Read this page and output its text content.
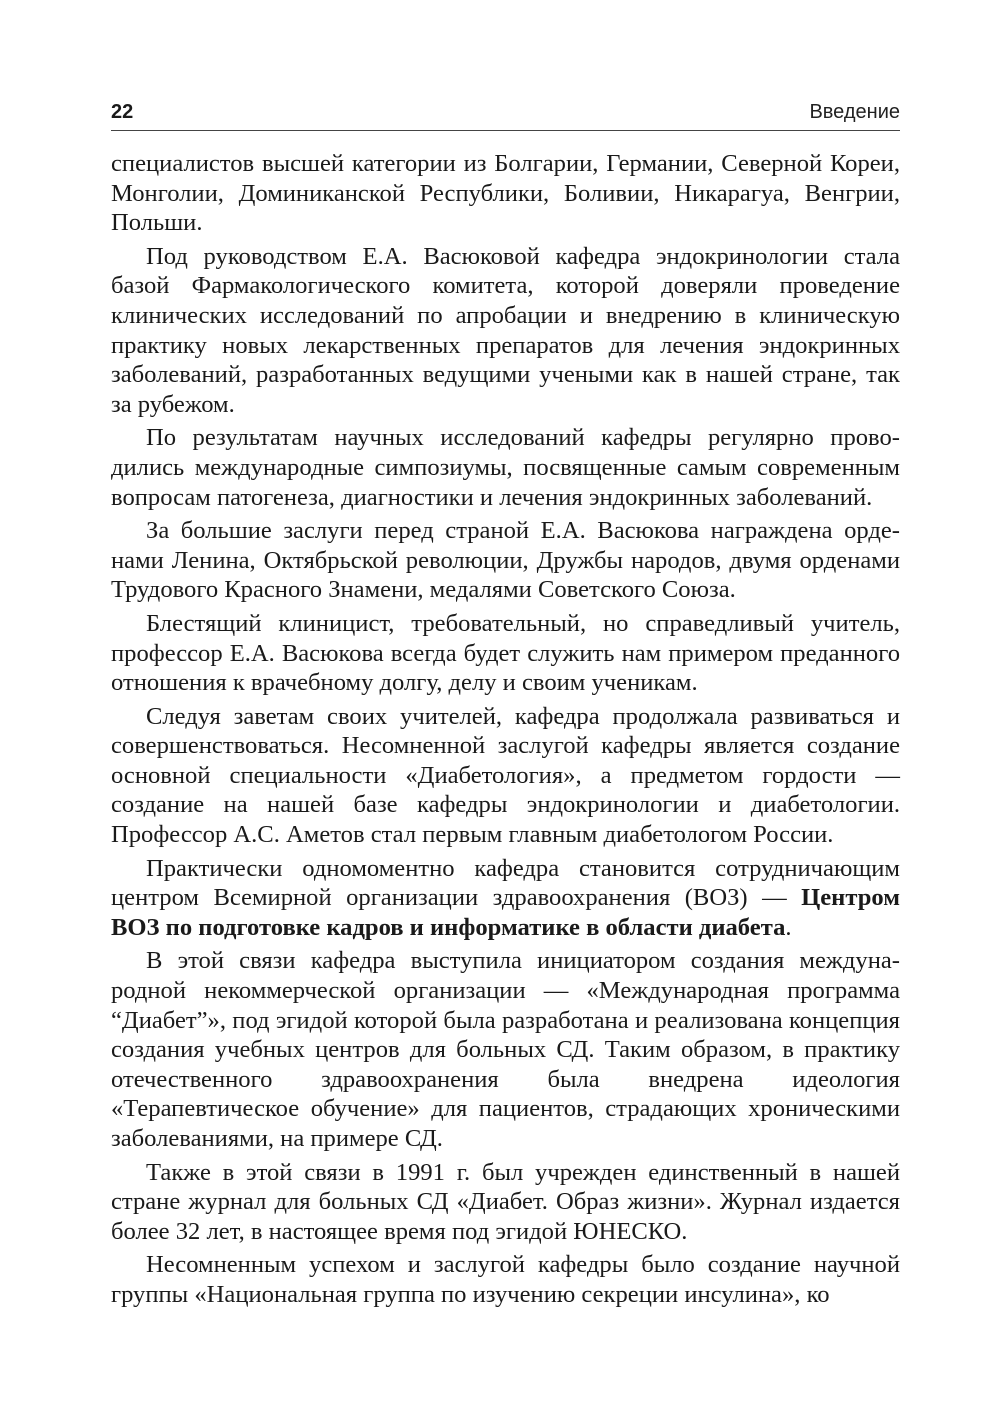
22	Введение

специалистов высшей категории из Болгарии, Германии, Северной Кореи, Монголии, Доминиканской Республики, Боливии, Никарагуа, Венгрии, Польши.

Под руководством Е.А. Васюковой кафедра эндокринологии стала базой Фармакологического комитета, которой доверяли проведение клинических исследований по апробации и внедрению в клиническую практику новых лекарственных препаратов для лечения эндокринных заболеваний, разработанных ведущими учеными как в нашей стране, так за рубежом.

По результатам научных исследований кафедры регулярно проводились международные симпозиумы, посвященные самым современным вопросам патогенеза, диагностики и лечения эндокринных заболеваний.

За большие заслуги перед страной Е.А. Васюкова награждена орденами Ленина, Октябрьской революции, Дружбы народов, двумя орденами Трудового Красного Знамени, медалями Советского Союза.

Блестящий клиницист, требовательный, но справедливый учитель, профессор Е.А. Васюкова всегда будет служить нам примером преданного отношения к врачебному долгу, делу и своим ученикам.

Следуя заветам своих учителей, кафедра продолжала развиваться и совершенствоваться. Несомненной заслугой кафедры является создание основной специальности «Диабетология», а предметом гордости — создание на нашей базе кафедры эндокринологии и диабетологии. Профессор А.С. Аметов стал первым главным диабетологом России.

Практически одномоментно кафедра становится сотрудничающим центром Всемирной организации здравоохранения (ВОЗ) — Центром ВОЗ по подготовке кадров и информатике в области диабета.

В этой связи кафедра выступила инициатором создания международной некоммерческой организации — «Международная программа “Диабет”», под эгидой которой была разработана и реализована концепция создания учебных центров для больных СД. Таким образом, в практику отечественного здравоохранения была внедрена идеология «Терапевтическое обучение» для пациентов, страдающих хроническими заболеваниями, на примере СД.

Также в этой связи в 1991 г. был учрежден единственный в нашей стране журнал для больных СД «Диабет. Образ жизни». Журнал издается более 32 лет, в настоящее время под эгидой ЮНЕСКО.

Несомненным успехом и заслугой кафедры было создание научной группы «Национальная группа по изучению секреции инсулина», ко
